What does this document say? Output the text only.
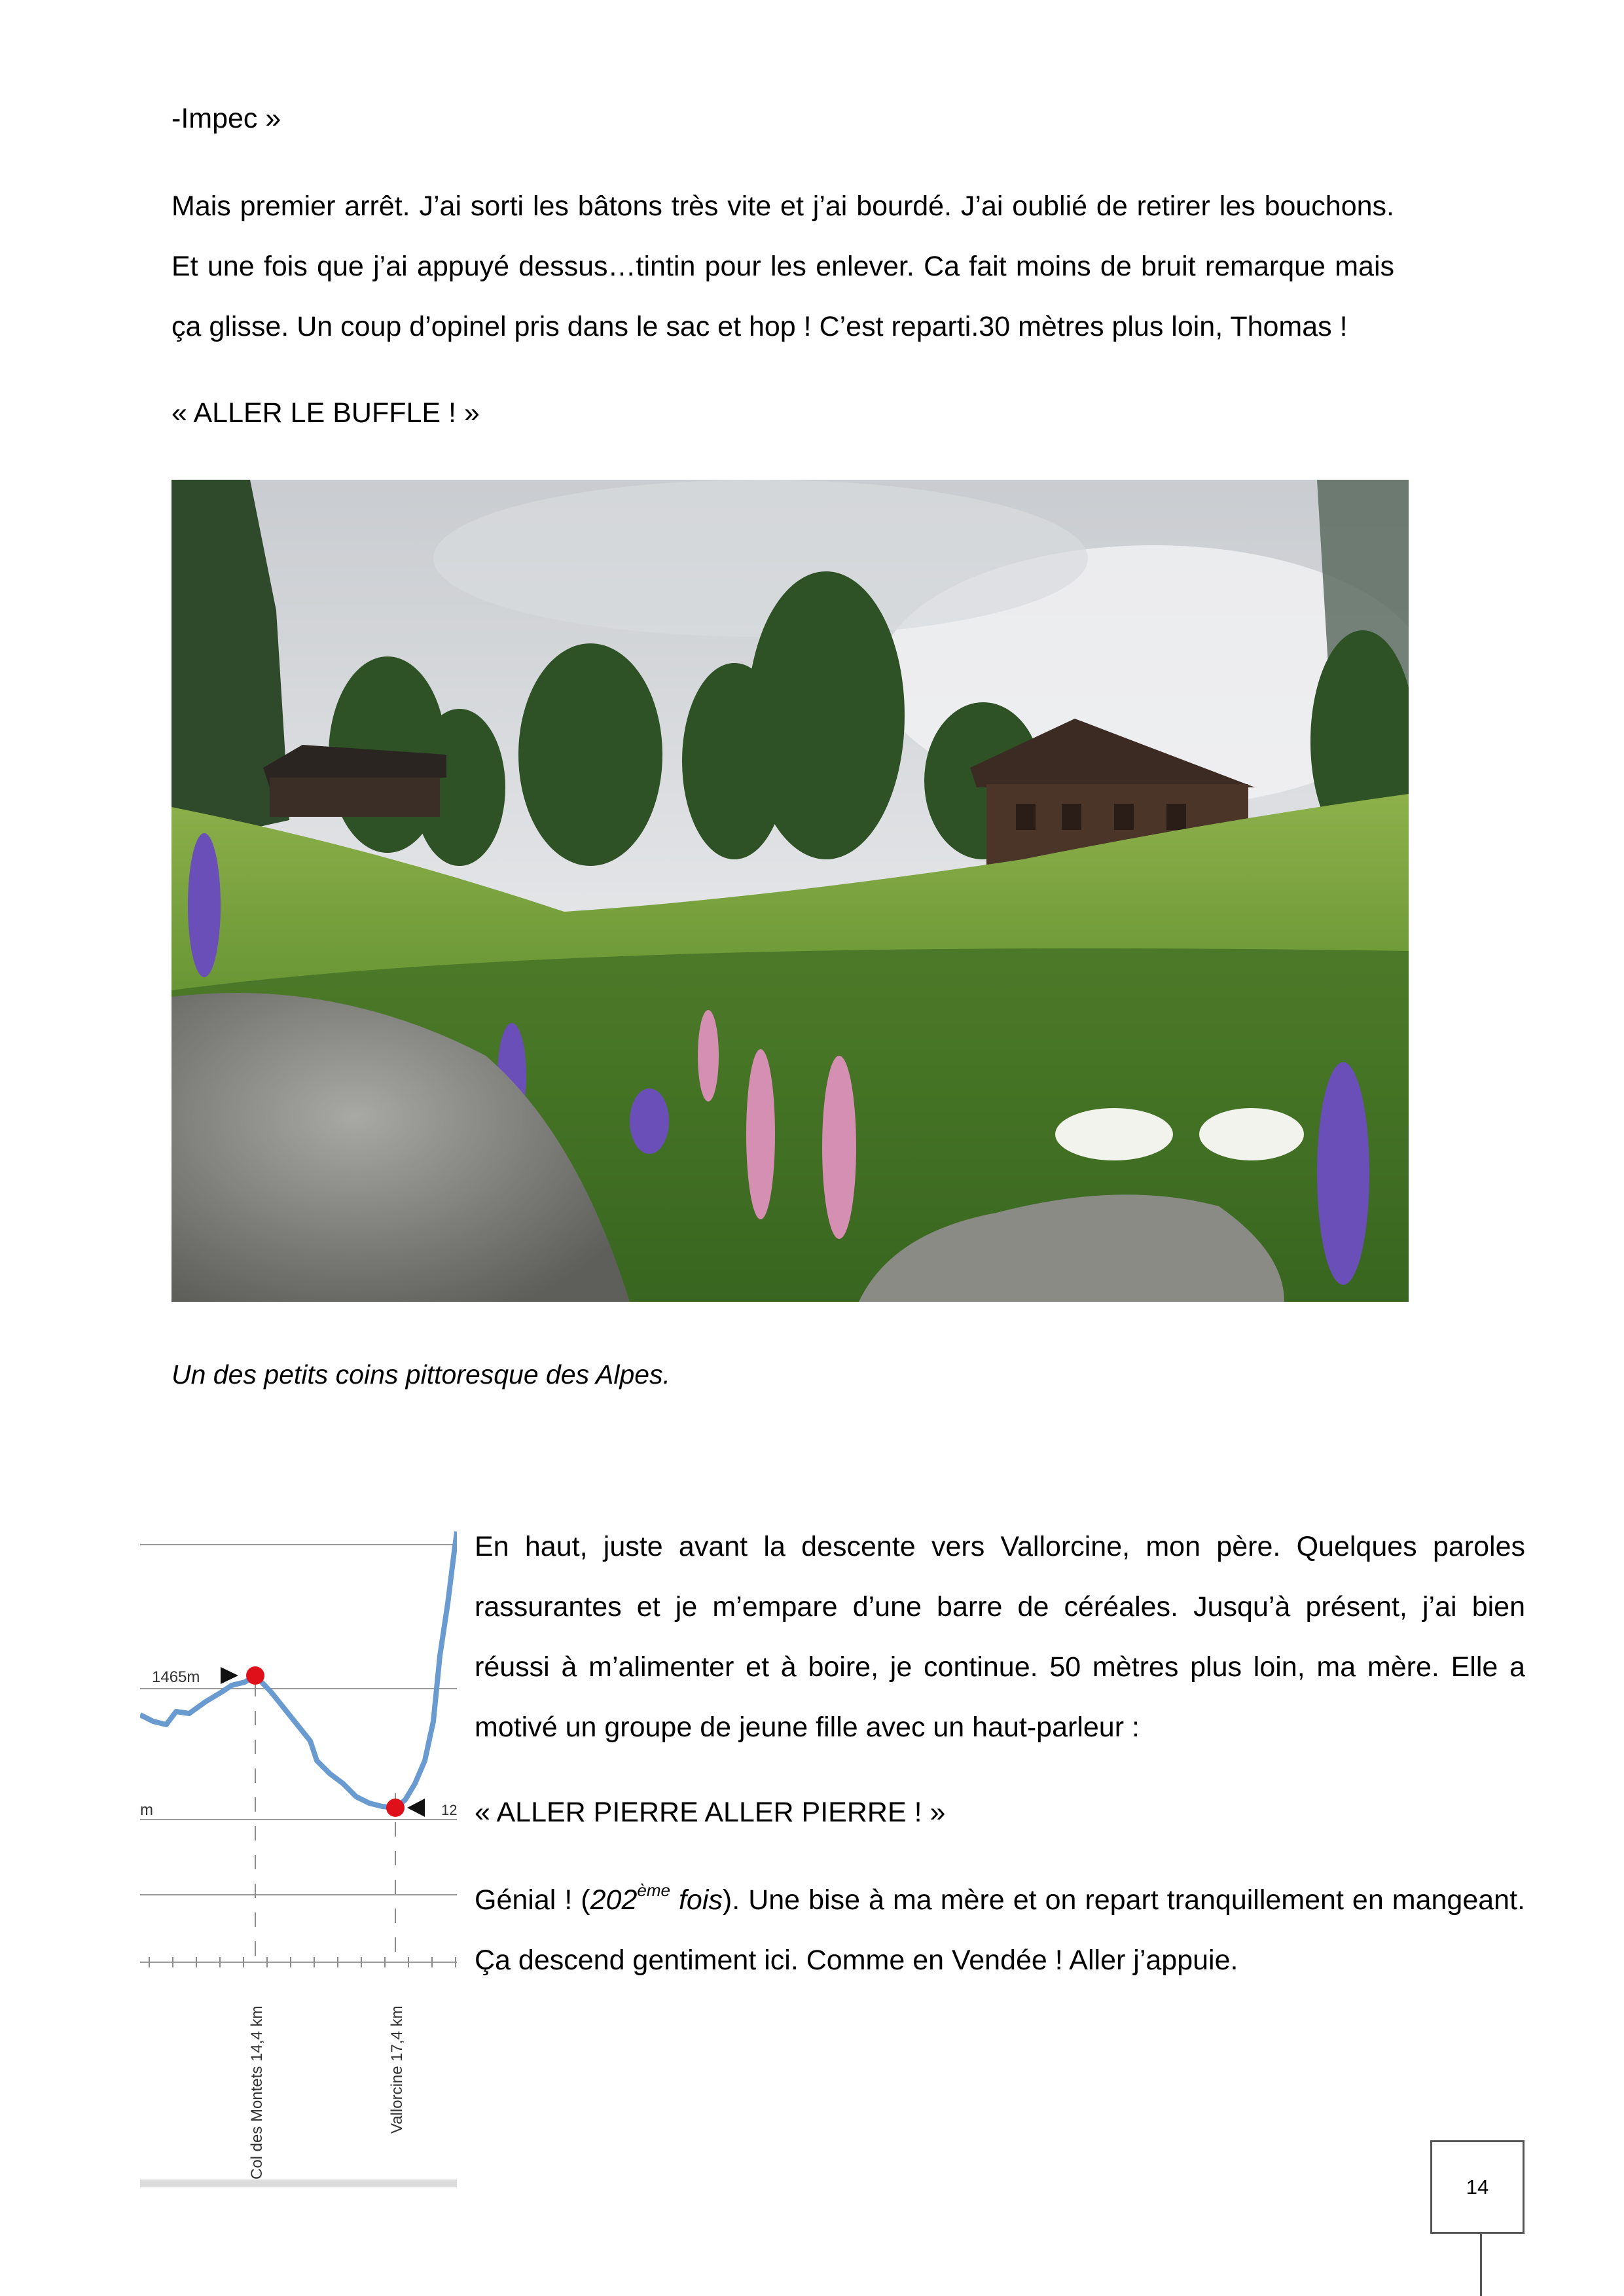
-Impec »

Mais premier arrêt. J’ai sorti les bâtons très vite et j’ai bourdé. J’ai oublié de retirer les bouchons. Et une fois que j’ai appuyé dessus…tintin pour les enlever. Ca fait moins de bruit remarque mais ça glisse. Un coup d’opinel pris dans le sac et hop ! C’est reparti.30 mètres plus loin, Thomas !

« ALLER LE BUFFLE ! »

Un des petits coins pittoresque des Alpes.
1465m
m	12
Col des Montets 14,4 km	Vallorcine 17,4 km

En haut, juste avant la descente vers Vallorcine, mon père. Quelques paroles rassurantes et je m’empare d’une barre de céréales. Jusqu’à présent, j’ai bien réussi à m’alimenter et à boire, je continue. 50 mètres plus loin, ma mère. Elle a motivé un groupe de jeune fille avec un haut-parleur :

« ALLER PIERRE ALLER PIERRE ! »

Génial ! (202ème fois). Une bise à ma mère et on repart tranquillement en mangeant. Ça descend gentiment ici. Comme en Vendée ! Aller j’appuie.

14
